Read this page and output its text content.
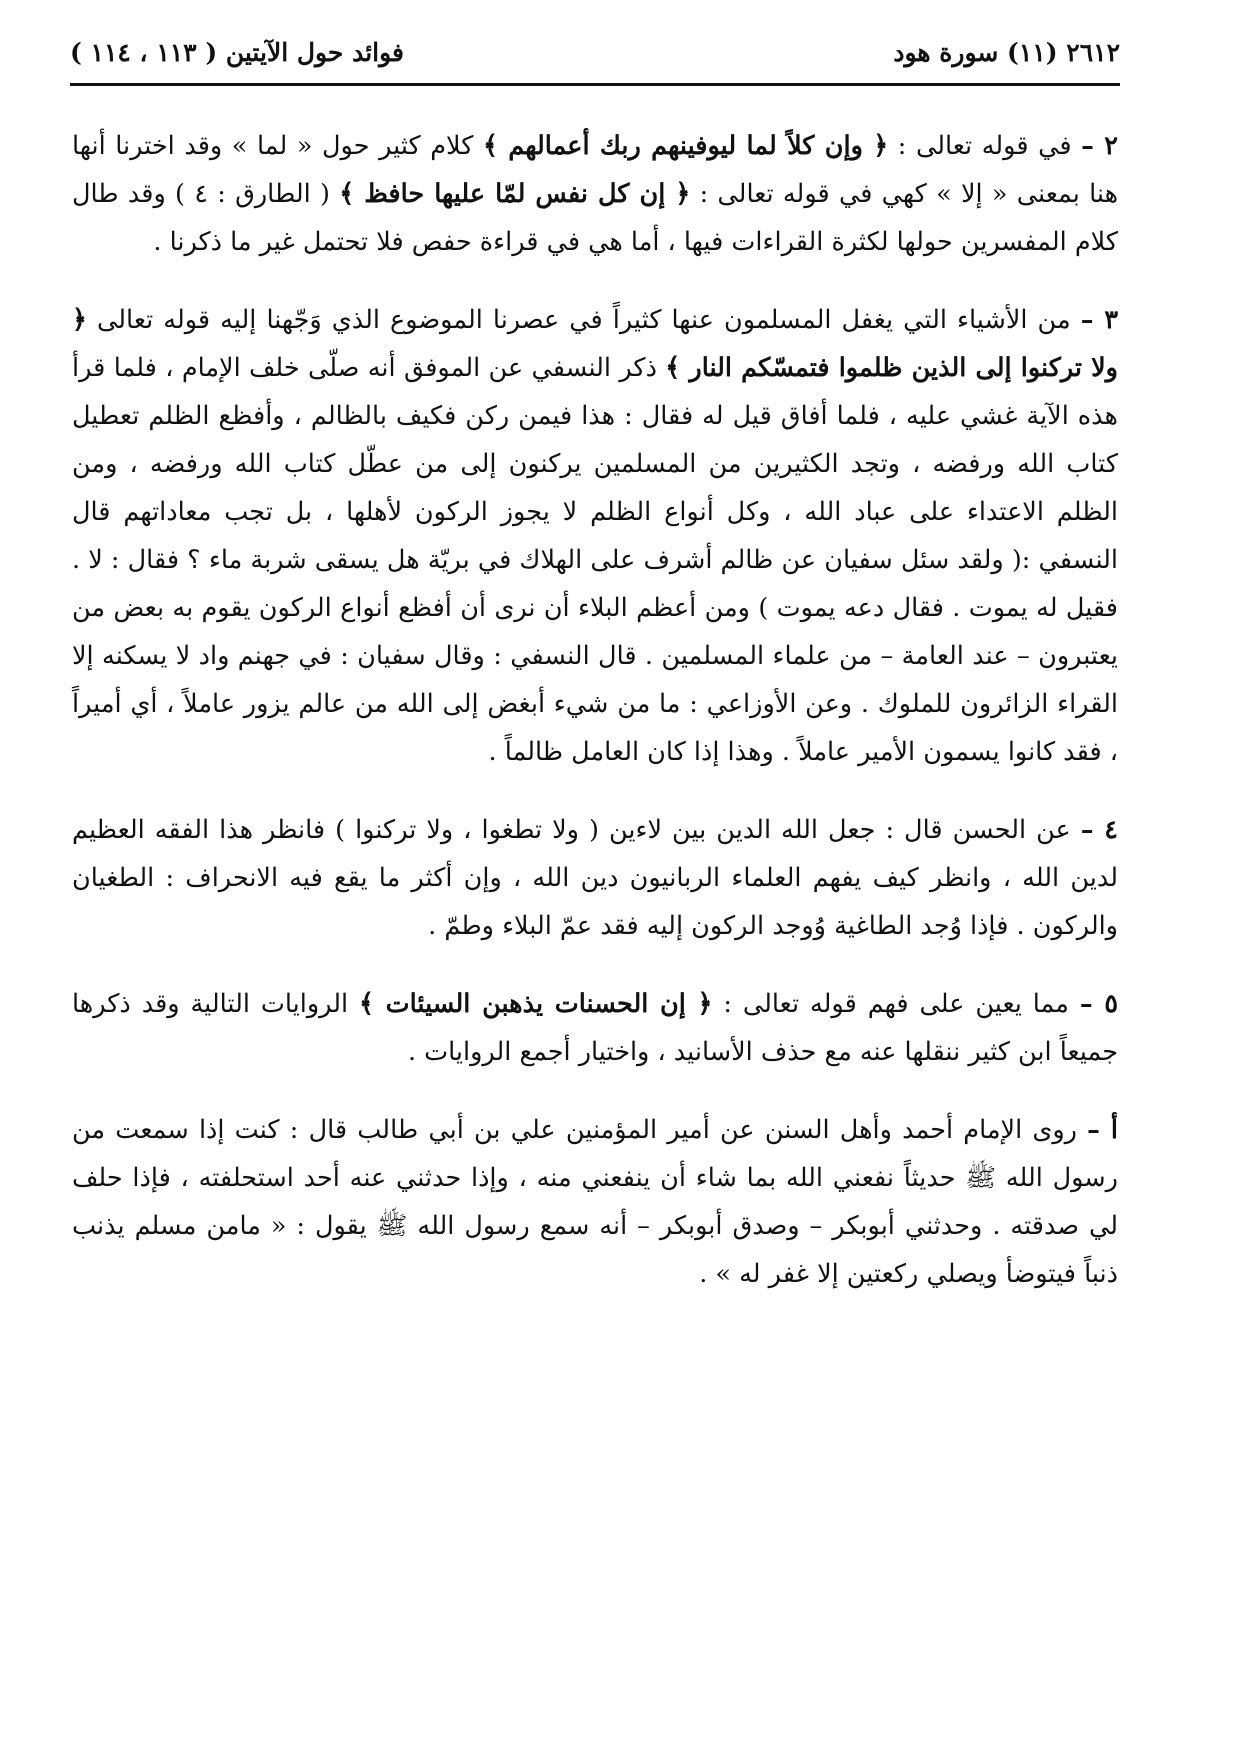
٢٦١٢ (١١) سورة هود
فوائد حول الآيتين ( ١١٣ ، ١١٤ )

٢ – في قوله تعالى : ﴿ وإن كلاً لما ليوفينهم ربك أعمالهم ﴾ كلام كثير حول « لما » وقد اخترنا أنها هنا بمعنى « إلا » كهي في قوله تعالى : ﴿ إن كل نفس لمّا عليها حافظ ﴾ ( الطارق : ٤ ) وقد طال كلام المفسرين حولها لكثرة القراءات فيها ، أما هي في قراءة حفص فلا تحتمل غير ما ذكرنا .

٣ – من الأشياء التي يغفل المسلمون عنها كثيراً في عصرنا الموضوع الذي وَجّهنا إليه قوله تعالى ﴿ ولا تركنوا إلى الذين ظلموا فتمسّكم النار ﴾ ذكر النسفي عن الموفق أنه صلّى خلف الإمام ، فلما قرأ هذه الآية غشي عليه ، فلما أفاق قيل له فقال : هذا فيمن ركن فكيف بالظالم ، وأفظع الظلم تعطيل كتاب الله ورفضه ، وتجد الكثيرين من المسلمين يركنون إلى من عطّل كتاب الله ورفضه ، ومن الظلم الاعتداء على عباد الله ، وكل أنواع الظلم لا يجوز الركون لأهلها ، بل تجب معاداتهم قال النسفي :( ولقد سئل سفيان عن ظالم أشرف على الهلاك في بريّة هل يسقى شربة ماء ؟ فقال : لا . فقيل له يموت . فقال دعه يموت ) ومن أعظم البلاء أن نرى أن أفظع أنواع الركون يقوم به بعض من يعتبرون – عند العامة – من علماء المسلمين . قال النسفي : وقال سفيان : في جهنم واد لا يسكنه إلا القراء الزائرون للملوك . وعن الأوزاعي : ما من شيء أبغض إلى الله من عالم يزور عاملاً ، أي أميراً ، فقد كانوا يسمون الأمير عاملاً . وهذا إذا كان العامل ظالماً .

٤ – عن الحسن قال : جعل الله الدين بين لاءين ( ولا تطغوا ، ولا تركنوا ) فانظر هذا الفقه العظيم لدين الله ، وانظر كيف يفهم العلماء الربانيون دين الله ، وإن أكثر ما يقع فيه الانحراف : الطغيان والركون . فإذا وُجد الطاغية وُوجد الركون إليه فقد عمّ البلاء وطمّ .

٥ – مما يعين على فهم قوله تعالى : ﴿ إن الحسنات يذهبن السيئات ﴾ الروايات التالية وقد ذكرها جميعاً ابن كثير ننقلها عنه مع حذف الأسانيد ، واختيار أجمع الروايات .

أ – روى الإمام أحمد وأهل السنن عن أمير المؤمنين علي بن أبي طالب قال : كنت إذا سمعت من رسول الله ﷺ حديثاً نفعني الله بما شاء أن ينفعني منه ، وإذا حدثني عنه أحد استحلفته ، فإذا حلف لي صدقته . وحدثني أبوبكر – وصدق أبوبكر – أنه سمع رسول الله ﷺ يقول : « مامن مسلم يذنب ذنباً فيتوضأ ويصلي ركعتين إلا غفر له » .
